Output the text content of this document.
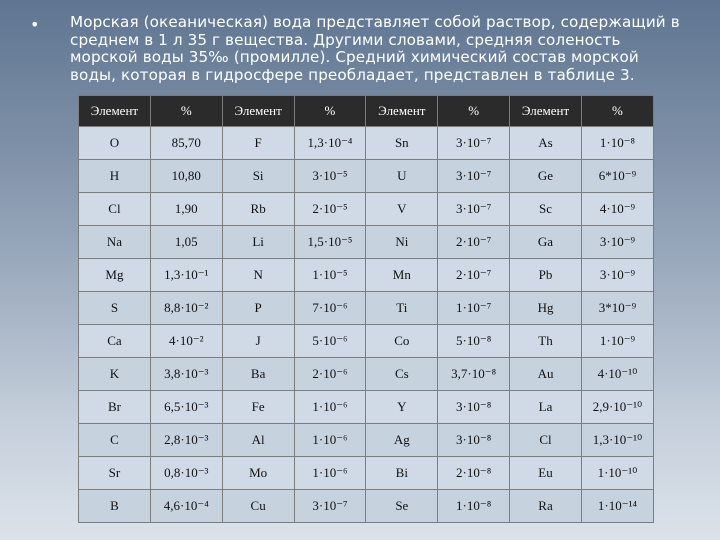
• Морская (океаническая) вода представляет собой раствор, содержащий в среднем в 1 л 35 г вещества. Другими словами, средняя соленость морской воды 35‰ (промилле). Средний химический состав морской воды, которая в гидросфере преобладает, представлен в таблице 3.
Элемент	%	Элемент	%	Элемент	%	Элемент	%
O	85,70	F	1,3·10⁻⁴	Sn	3·10⁻⁷	As	1·10⁻⁸
H	10,80	Si	3·10⁻⁵	U	3·10⁻⁷	Ge	6*10⁻⁹
Cl	1,90	Rb	2·10⁻⁵	V	3·10⁻⁷	Sc	4·10⁻⁹
Na	1,05	Li	1,5·10⁻⁵	Ni	2·10⁻⁷	Ga	3·10⁻⁹
Mg	1,3·10⁻¹	N	1·10⁻⁵	Mn	2·10⁻⁷	Pb	3·10⁻⁹
S	8,8·10⁻²	P	7·10⁻⁶	Ti	1·10⁻⁷	Hg	3*10⁻⁹
Ca	4·10⁻²	J	5·10⁻⁶	Co	5·10⁻⁸	Th	1·10⁻⁹
K	3,8·10⁻³	Ba	2·10⁻⁶	Cs	3,7·10⁻⁸	Au	4·10⁻¹⁰
Br	6,5·10⁻³	Fe	1·10⁻⁶	Y	3·10⁻⁸	La	2,9·10⁻¹⁰
C	2,8·10⁻³	Al	1·10⁻⁶	Ag	3·10⁻⁸	Cl	1,3·10⁻¹⁰
Sr	0,8·10⁻³	Mo	1·10⁻⁶	Bi	2·10⁻⁸	Eu	1·10⁻¹⁰
B	4,6·10⁻⁴	Cu	3·10⁻⁷	Se	1·10⁻⁸	Ra	1·10⁻¹⁴
